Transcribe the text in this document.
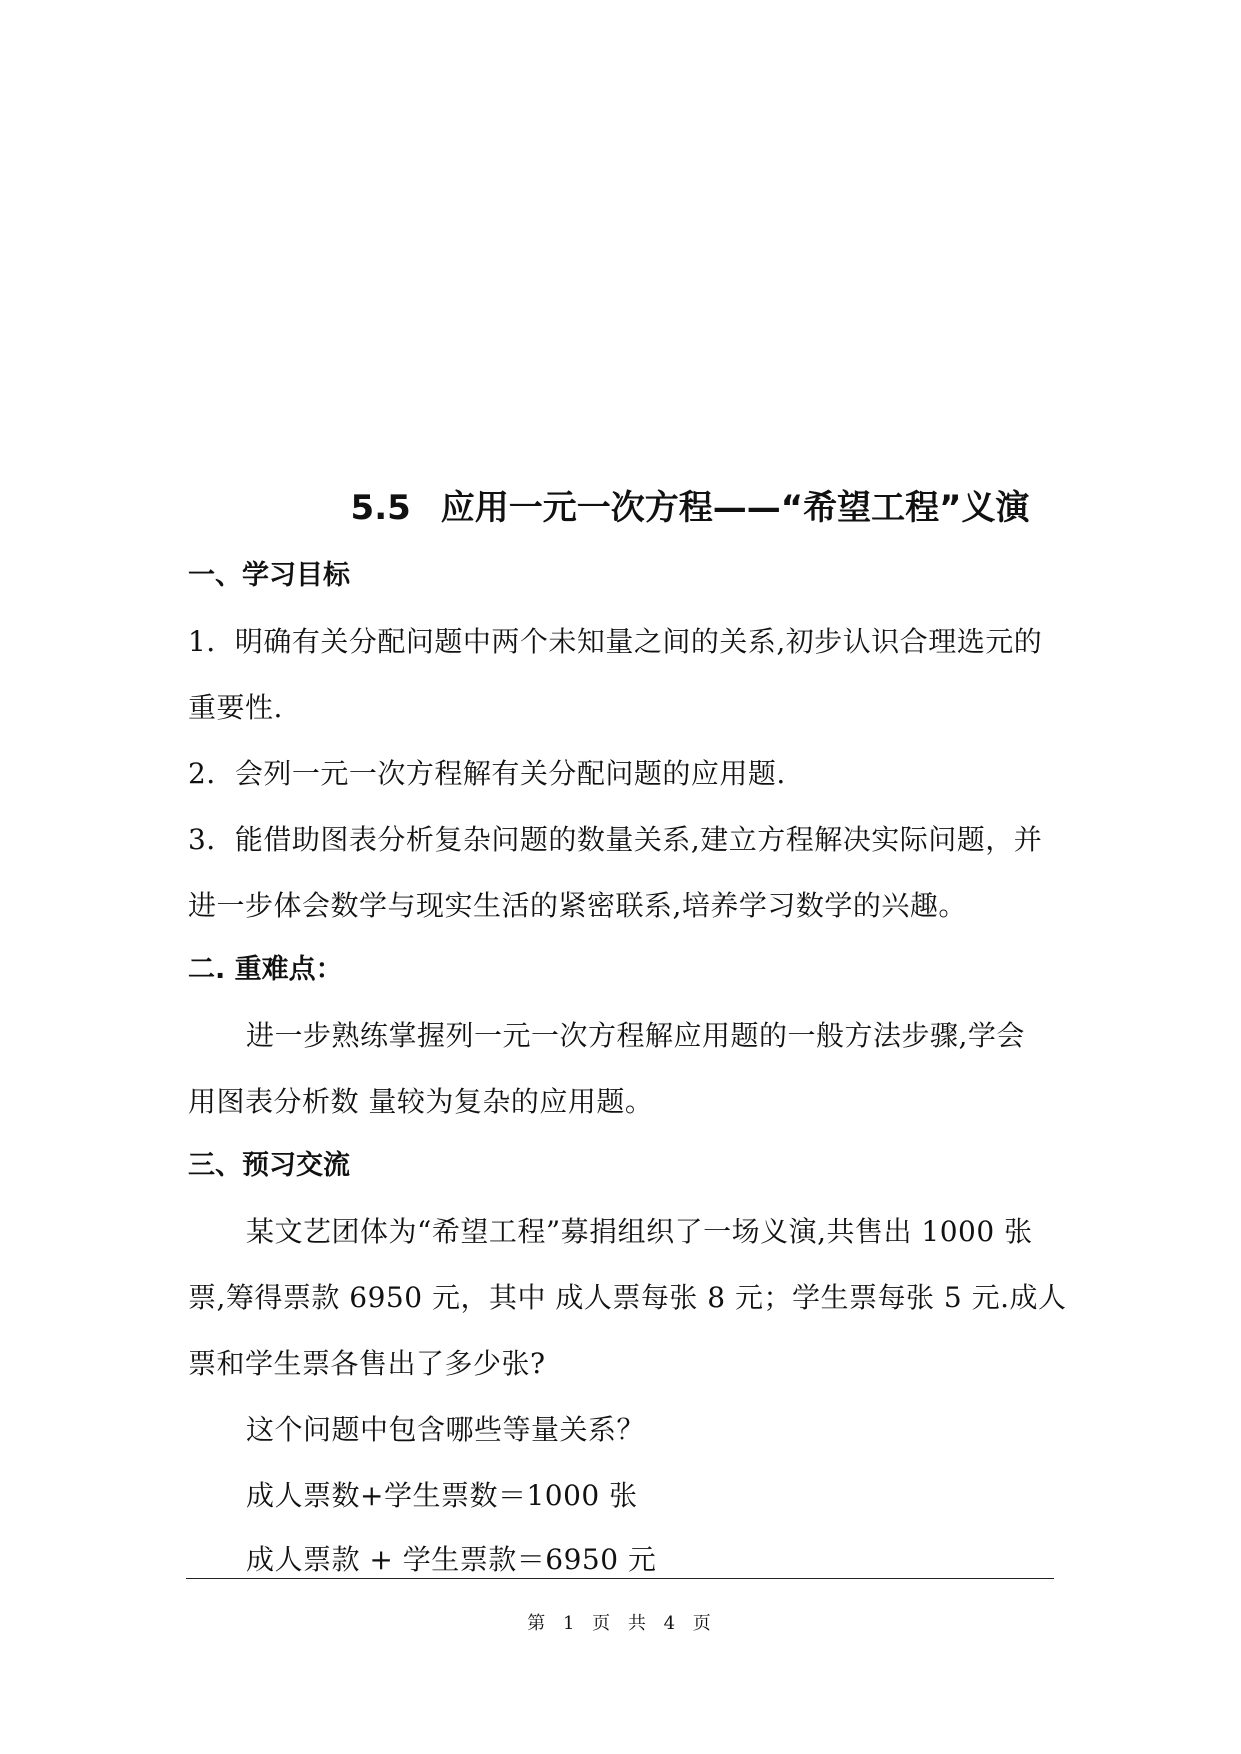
5.5 应用一元一次方程——“希望工程”义演
一、学习目标
1．明确有关分配问题中两个未知量之间的关系,初步认识合理选元的
重要性.
2．会列一元一次方程解有关分配问题的应用题.
3．能借助图表分析复杂问题的数量关系,建立方程解决实际问题，并
进一步体会数学与现实生活的紧密联系,培养学习数学的兴趣。
二. 重难点：
进一步熟练掌握列一元一次方程解应用题的一般方法步骤,学会
用图表分析数 量较为复杂的应用题。
三、预习交流
某文艺团体为“希望工程”募捐组织了一场义演,共售出 1000 张
票,筹得票款 6950 元，其中 成人票每张 8 元；学生票每张 5 元.成人
票和学生票各售出了多少张?
这个问题中包含哪些等量关系？
成人票数+学生票数＝1000 张
成人票款 + 学生票款＝6950 元
第 1 页 共 4 页
